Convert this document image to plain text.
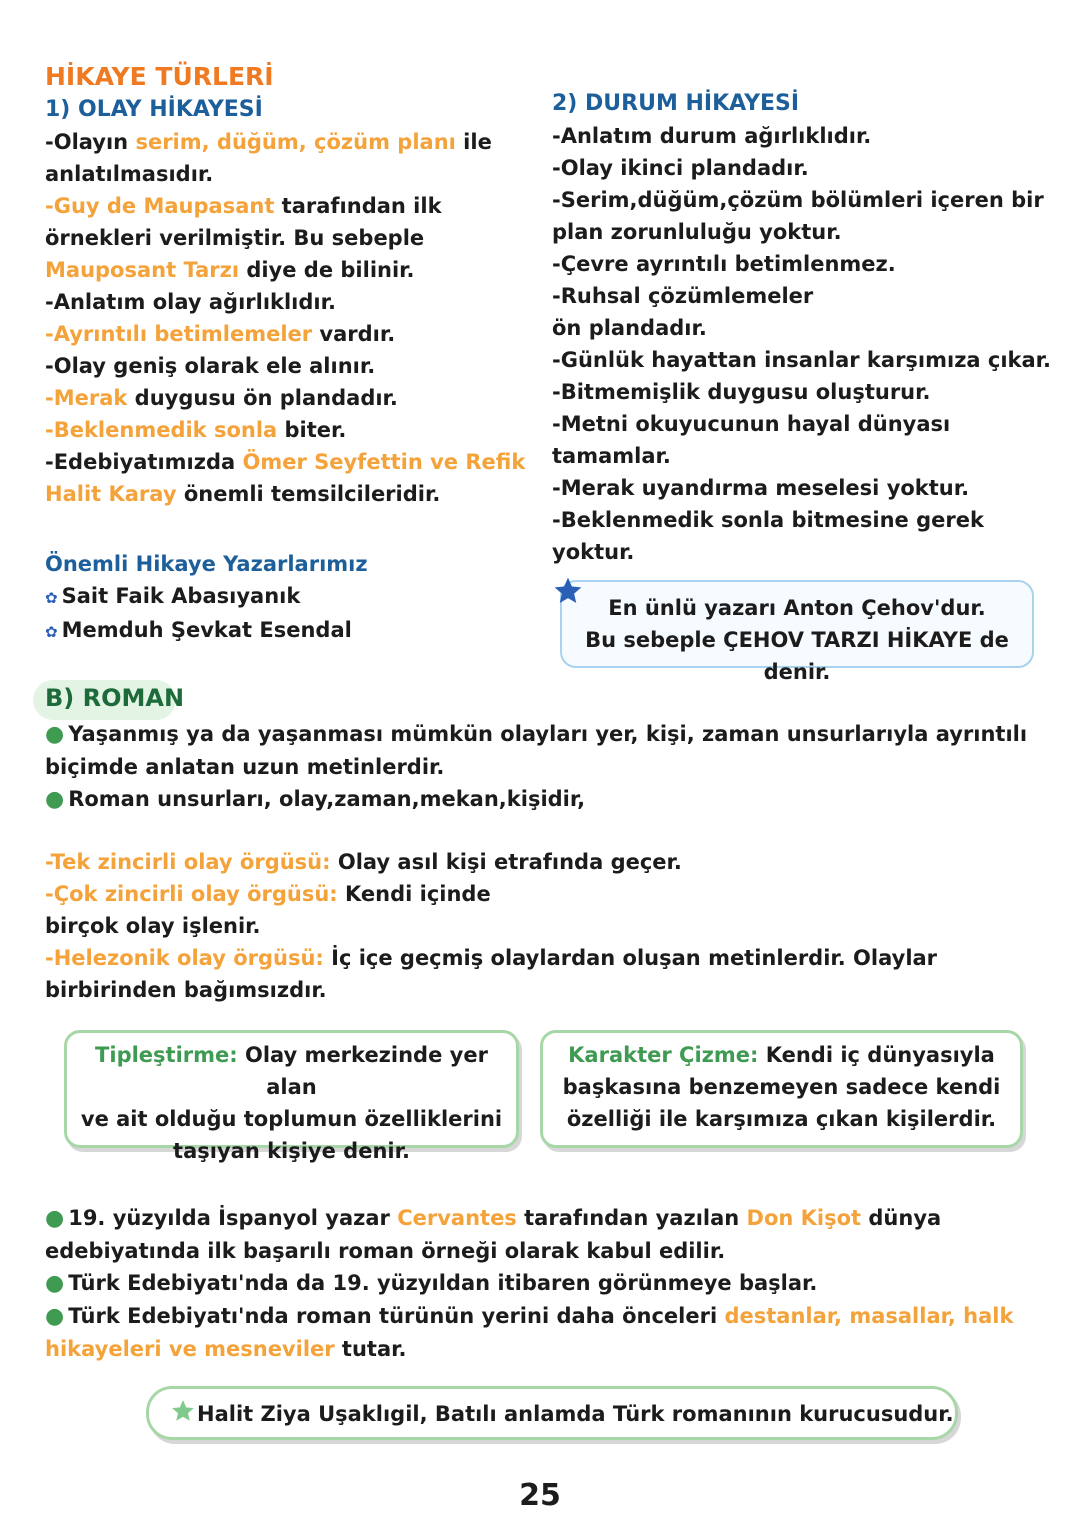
HİKAYE TÜRLERİ

1) OLAY HİKAYESİ

-Olayın serim, düğüm, çözüm planı ile

anlatılmasıdır.

-Guy de Maupasant tarafından ilk

örnekleri verilmiştir. Bu sebeple

Mauposant Tarzı diye de bilinir.

-Anlatım olay ağırlıklıdır.

-Ayrıntılı betimlemeler vardır.

-Olay geniş olarak ele alınır.

-Merak duygusu ön plandadır.

-Beklenmedik sonla biter.

-Edebiyatımızda Ömer Seyfettin ve Refik

Halit Karay önemli temsilcileridir.

Önemli Hikaye Yazarlarımız

✿ Sait Faik Abasıyanık

✿ Memduh Şevkat Esendal

2) DURUM HİKAYESİ

-Anlatım durum ağırlıklıdır.

-Olay ikinci plandadır.

-Serim,düğüm,çözüm bölümleri içeren bir

plan zorunluluğu yoktur.

-Çevre ayrıntılı betimlenmez.

-Ruhsal çözümlemeler

ön plandadır.

-Günlük hayattan insanlar karşımıza çıkar.

-Bitmemişlik duygusu oluşturur.

-Metni okuyucunun hayal dünyası

tamamlar.

-Merak uyandırma meselesi yoktur.

-Beklenmedik sonla bitmesine gerek yoktur.

En ünlü yazarı Anton Çehov'dur.

Bu sebeple ÇEHOV TARZI HİKAYE de denir.

B) ROMAN

● Yaşanmış ya da yaşanması mümkün olayları yer, kişi, zaman unsurlarıyla ayrıntılı

biçimde anlatan uzun metinlerdir.

● Roman unsurları, olay,zaman,mekan,kişidir,

-Tek zincirli olay örgüsü: Olay asıl kişi etrafında geçer.

-Çok zincirli olay örgüsü: Kendi içinde

birçok olay işlenir.

-Helezonik olay örgüsü: İç içe geçmiş olaylardan oluşan metinlerdir. Olaylar

birbirinden bağımsızdır.

Tipleştirme: Olay merkezinde yer alan

ve ait olduğu toplumun özelliklerini

taşıyan kişiye denir.

Karakter Çizme: Kendi iç dünyasıyla

başkasına benzemeyen sadece kendi

özelliği ile karşımıza çıkan kişilerdir.

● 19. yüzyılda İspanyol yazar Cervantes tarafından yazılan Don Kişot dünya

edebiyatında ilk başarılı roman örneği olarak kabul edilir.

● Türk Edebiyatı'nda da 19. yüzyıldan itibaren görünmeye başlar.

● Türk Edebiyatı'nda roman türünün yerini daha önceleri destanlar, masallar, halk

hikayeleri ve mesneviler tutar.

Halit Ziya Uşaklıgil, Batılı anlamda Türk romanının kurucusudur.
25
